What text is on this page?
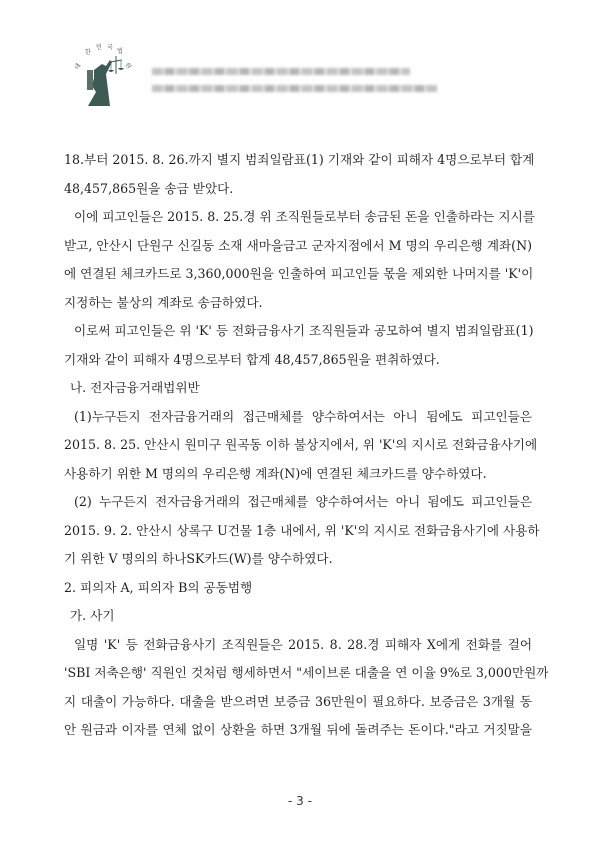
대
한
민 국
법
원
18.부터 2015. 8. 26.까지 별지 범죄일람표(1) 기재와 같이 피해자 4명으로부터 합계
48,457,865원을 송금 받았다.
이에 피고인들은 2015. 8. 25.경 위 조직원들로부터 송금된 돈을 인출하라는 지시를
받고, 안산시 단원구 신길동 소재 새마을금고 군자지점에서 M 명의 우리은행 계좌(N)
에 연결된 체크카드로 3,360,000원을 인출하여 피고인들 몫을 제외한 나머지를 'K'이
지정하는 불상의 계좌로 송금하였다.
이로써 피고인들은 위 'K' 등 전화금융사기 조직원들과 공모하여 별지 범죄일람표(1)
기재와 같이 피해자 4명으로부터 합계 48,457,865원을 편취하였다.
나. 전자금융거래법위반
(1)누구든지 전자금융거래의 접근매체를 양수하여서는 아니 됨에도 피고인들은
2015. 8. 25. 안산시 원미구 원곡동 이하 불상지에서, 위 'K'의 지시로 전화금융사기에
사용하기 위한 M 명의의 우리은행 계좌(N)에 연결된 체크카드를 양수하였다.
(2) 누구든지 전자금융거래의 접근매체를 양수하여서는 아니 됨에도 피고인들은
2015. 9. 2. 안산시 상록구 U건물 1층 내에서, 위 'K'의 지시로 전화금융사기에 사용하
기 위한 V 명의의 하나SK카드(W)를 양수하였다.
2. 피의자 A, 피의자 B의 공동범행
가. 사기
일명 'K' 등 전화금융사기 조직원들은 2015. 8. 28.경 피해자 X에게 전화를 걸어
'SBI 저축은행' 직원인 것처럼 행세하면서 "세이브론 대출을 연 이율 9%로 3,000만원까
지 대출이 가능하다. 대출을 받으려면 보증금 36만원이 필요하다. 보증금은 3개월 동
안 원금과 이자를 연체 없이 상환을 하면 3개월 뒤에 돌려주는 돈이다."라고 거짓말을
- 3 -
